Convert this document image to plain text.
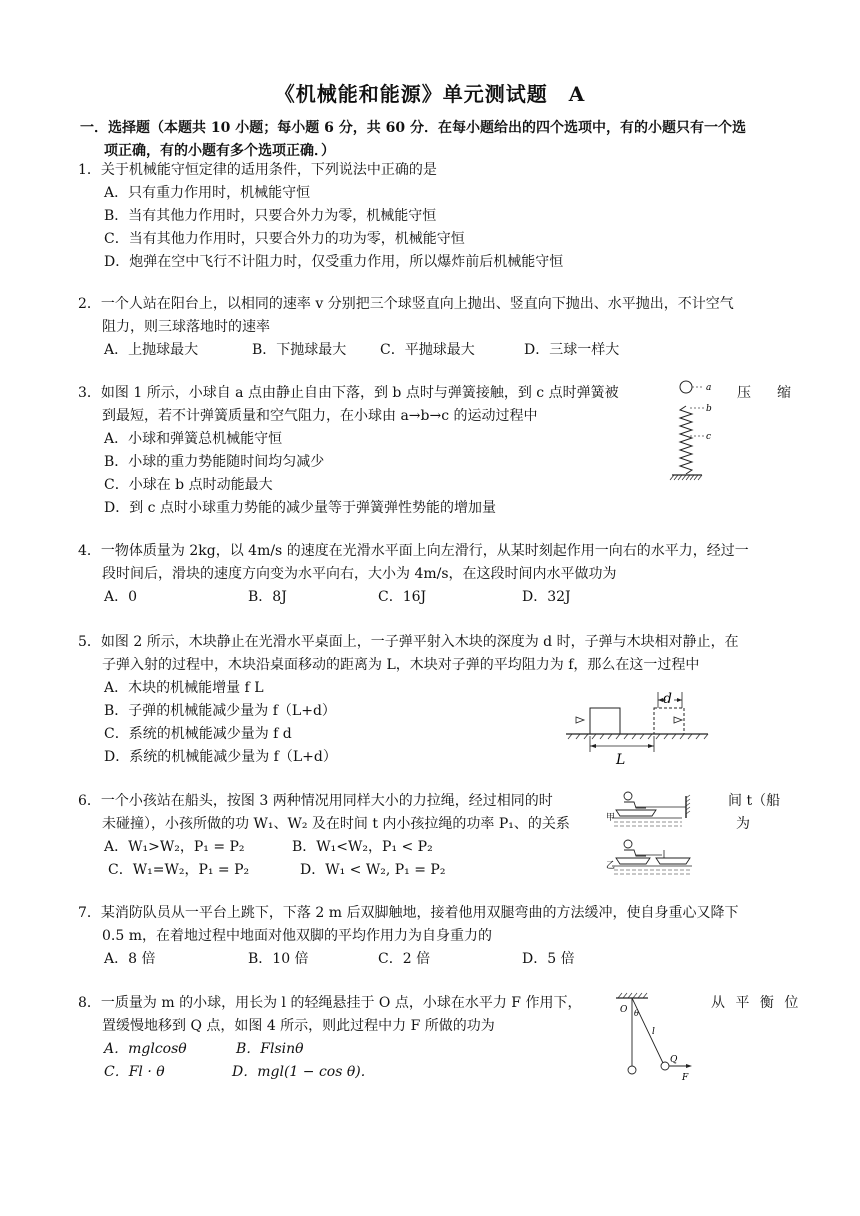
《机械能和能源》单元测试题　A
一．选择题（本题共 10 小题；每小题 6 分，共 60 分．在每小题给出的四个选项中，有的小题只有一个选
项正确，有的小题有多个选项正确．）
1．关于机械能守恒定律的适用条件，下列说法中正确的是
A．只有重力作用时，机械能守恒
B．当有其他力作用时，只要合外力为零，机械能守恒
C．当有其他力作用时，只要合外力的功为零，机械能守恒
D．炮弹在空中飞行不计阻力时，仅受重力作用，所以爆炸前后机械能守恒
2．一个人站在阳台上，以相同的速率 v 分别把三个球竖直向上抛出、竖直向下抛出、水平抛出，不计空气
阻力，则三球落地时的速率
A．上抛球最大	B．下抛球最大	C．平抛球最大	D．三球一样大
3．如图 1 所示，小球自 a 点由静止自由下落，到 b 点时与弹簧接触，到 c 点时弹簧被
到最短，若不计弹簧质量和空气阻力，在小球由 a→b→c 的运动过程中
A．小球和弹簧总机械能守恒
B．小球的重力势能随时间均匀减少
C．小球在 b 点时动能最大
D．到 c 点时小球重力势能的减少量等于弹簧弹性势能的增加量
压　缩
a
b
c
4．一物体质量为 2kg，以 4m/s 的速度在光滑水平面上向左滑行，从某时刻起作用一向右的水平力，经过一
段时间后，滑块的速度方向变为水平向右，大小为 4m/s，在这段时间内水平做功为
A．0	B．8J	C．16J	D．32J
5．如图 2 所示，木块静止在光滑水平桌面上，一子弹平射入木块的深度为 d 时，子弹与木块相对静止，在
子弹入射的过程中，木块沿桌面移动的距离为 L，木块对子弹的平均阻力为 f，那么在这一过程中
A．木块的机械能增量 f L
B．子弹的机械能减少量为 f（L+d）
C．系统的机械能减少量为 f d
D．系统的机械能减少量为 f（L+d）
d
L
6．一个小孩站在船头，按图 3 两种情况用同样大小的力拉绳，经过相同的时
未碰撞），小孩所做的功 W₁、W₂ 及在时间 t 内小孩拉绳的功率 P₁、的关系
A．W₁>W₂，P₁ = P₂	B．W₁<W₂，P₁ < P₂
C．W₁=W₂，P₁ = P₂	D．W₁ < W₂, P₁ = P₂
间 t（船
为
甲
乙
7．某消防队员从一平台上跳下，下落 2 m 后双脚触地，接着他用双腿弯曲的方法缓冲，使自身重心又降下
0.5 m，在着地过程中地面对他双脚的平均作用力为自身重力的
A．8 倍	B．10 倍	C．2 倍	D．5 倍
8．一质量为 m 的小球，用长为 l 的轻绳悬挂于 O 点，小球在水平力 F 作用下，
置缓慢地移到 Q 点，如图 4 所示，则此过程中力 F 所做的功为
A．mglcosθ	B．Flsinθ
C．Fl · θ	D．mgl(1 − cos θ).
从 平 衡 位
O θ
l
Q
F
